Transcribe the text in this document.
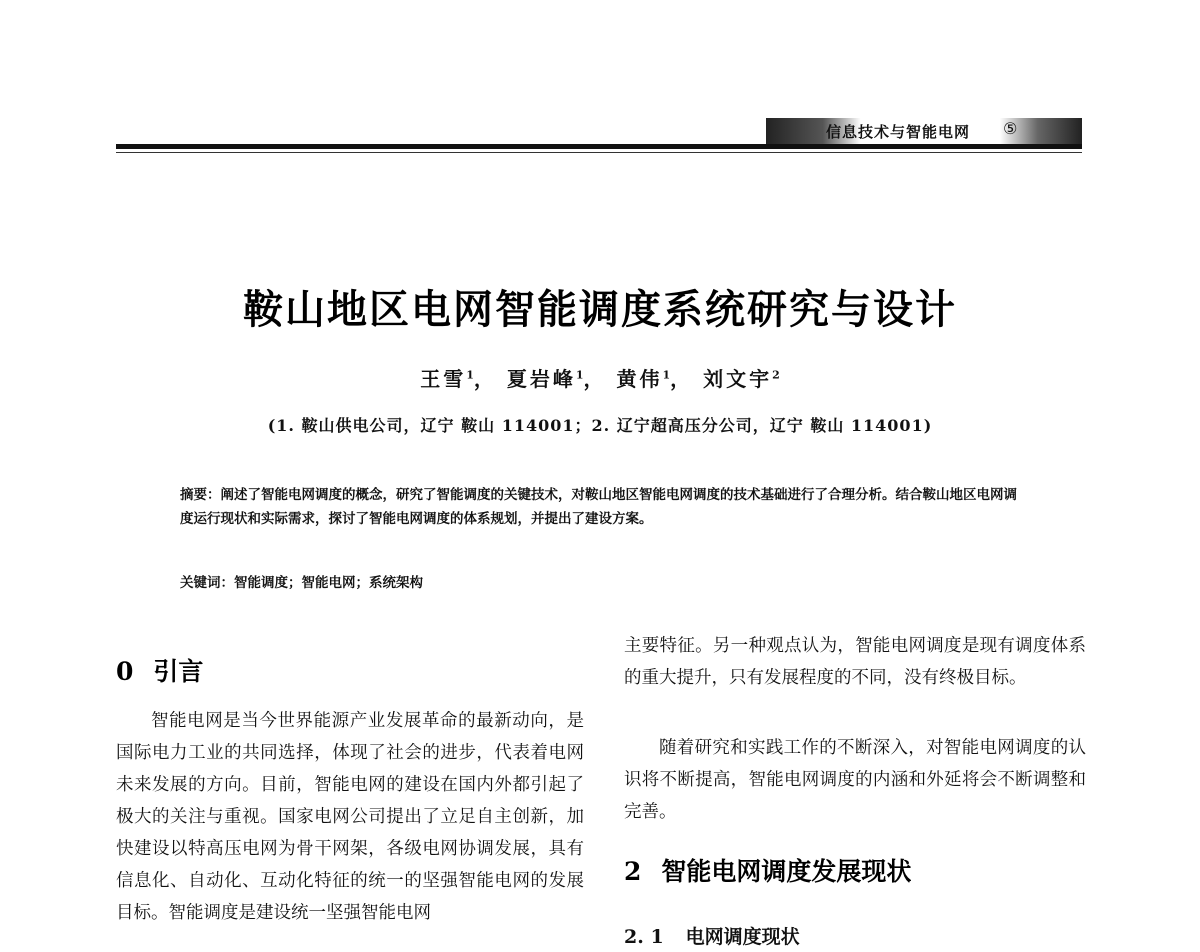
信息技术与智能电网 ⑤
鞍山地区电网智能调度系统研究与设计
王雪$^1$， 夏岩峰$^1$， 黄伟$^1$， 刘文宇$^2$
(1. 鞍山供电公司，辽宁 鞍山 114001；2. 辽宁超高压分公司，辽宁 鞍山 114001)
摘要：阐述了智能电网调度的概念，研究了智能调度的关键技术，对鞍山地区智能电网调度的技术基础进行了合理分析。结合鞍山地区电网调度运行现状和实际需求，探讨了智能电网调度的体系规划，并提出了建设方案。
关键词：智能调度；智能电网；系统架构
0 引言
智能电网是当今世界能源产业发展革命的最新动向，是国际电力工业的共同选择，体现了社会的进步，代表着电网未来发展的方向。目前，智能电网的建设在国内外都引起了极大的关注与重视。国家电网公司提出了立足自主创新，加快建设以特高压电网为骨干网架，各级电网协调发展，具有信息化、自动化、互动化特征的统一的坚强智能电网的发展目标。智能调度是建设统一坚强智能电网
主要特征。另一种观点认为，智能电网调度是现有调度体系的重大提升，只有发展程度的不同，没有终极目标。
随着研究和实践工作的不断深入，对智能电网调度的认识将不断提高，智能电网调度的内涵和外延将会不断调整和完善。
2 智能电网调度发展现状
2. 1 电网调度现状
